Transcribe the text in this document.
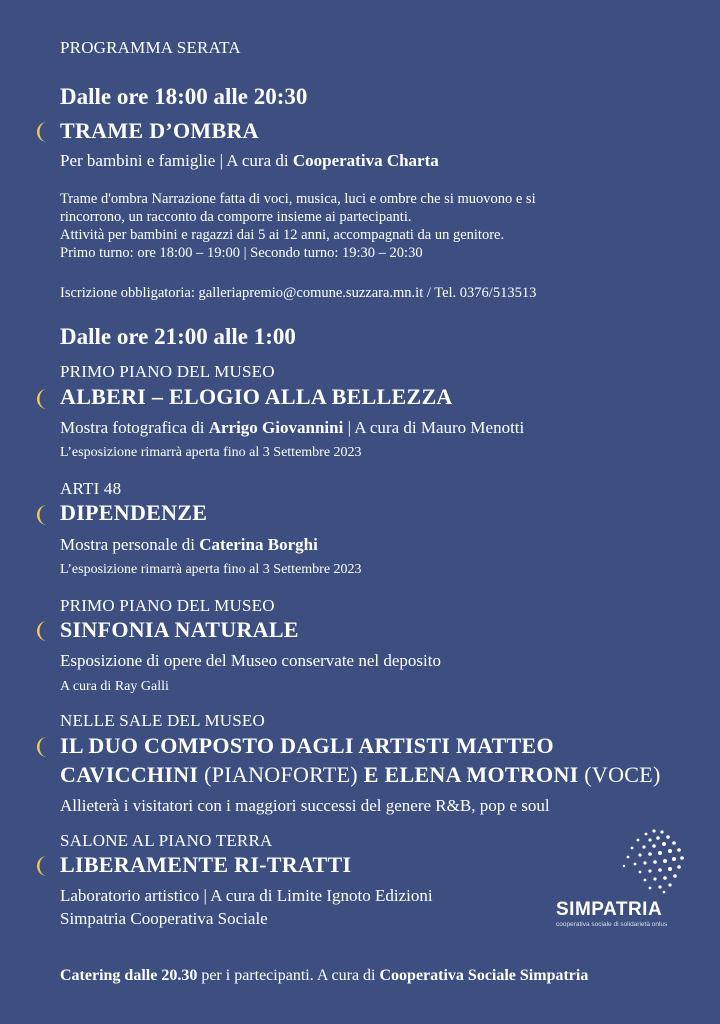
PROGRAMMA SERATA
Dalle ore 18:00 alle 20:30
TRAME D’OMBRA
Per bambini e famiglie | A cura di Cooperativa Charta
Trame d'ombra Narrazione fatta di voci, musica, luci e ombre che si muovono e si
rincorrono, un racconto da comporre insieme ai partecipanti.
Attività per bambini e ragazzi dai 5 ai 12 anni, accompagnati da un genitore.
Primo turno: ore 18:00 – 19:00 | Secondo turno: 19:30 – 20:30
Iscrizione obbligatoria: galleriapremio@comune.suzzara.mn.it / Tel. 0376/513513
Dalle ore 21:00 alle 1:00
PRIMO PIANO DEL MUSEO
ALBERI – ELOGIO ALLA BELLEZZA
Mostra fotografica di Arrigo Giovannini | A cura di Mauro Menotti
L’esposizione rimarrà aperta fino al 3 Settembre 2023
ARTI 48
DIPENDENZE
Mostra personale di Caterina Borghi
L’esposizione rimarrà aperta fino al 3 Settembre 2023
PRIMO PIANO DEL MUSEO
SINFONIA NATURALE
Esposizione di opere del Museo conservate nel deposito
A cura di Ray Galli
NELLE SALE DEL MUSEO
IL DUO COMPOSTO DAGLI ARTISTI MATTEO
CAVICCHINI (PIANOFORTE) E ELENA MOTRONI (VOCE)
Allieterà i visitatori con i maggiori successi del genere R&B, pop e soul
SALONE AL PIANO TERRA
LIBERAMENTE RI-TRATTI
Laboratorio artistico | A cura di Limite Ignoto Edizioni
Simpatria Cooperativa Sociale	SIMPATRIA
cooperativa sociale di solidarietà onlus
Catering dalle 20.30 per i partecipanti. A cura di Cooperativa Sociale Simpatria
